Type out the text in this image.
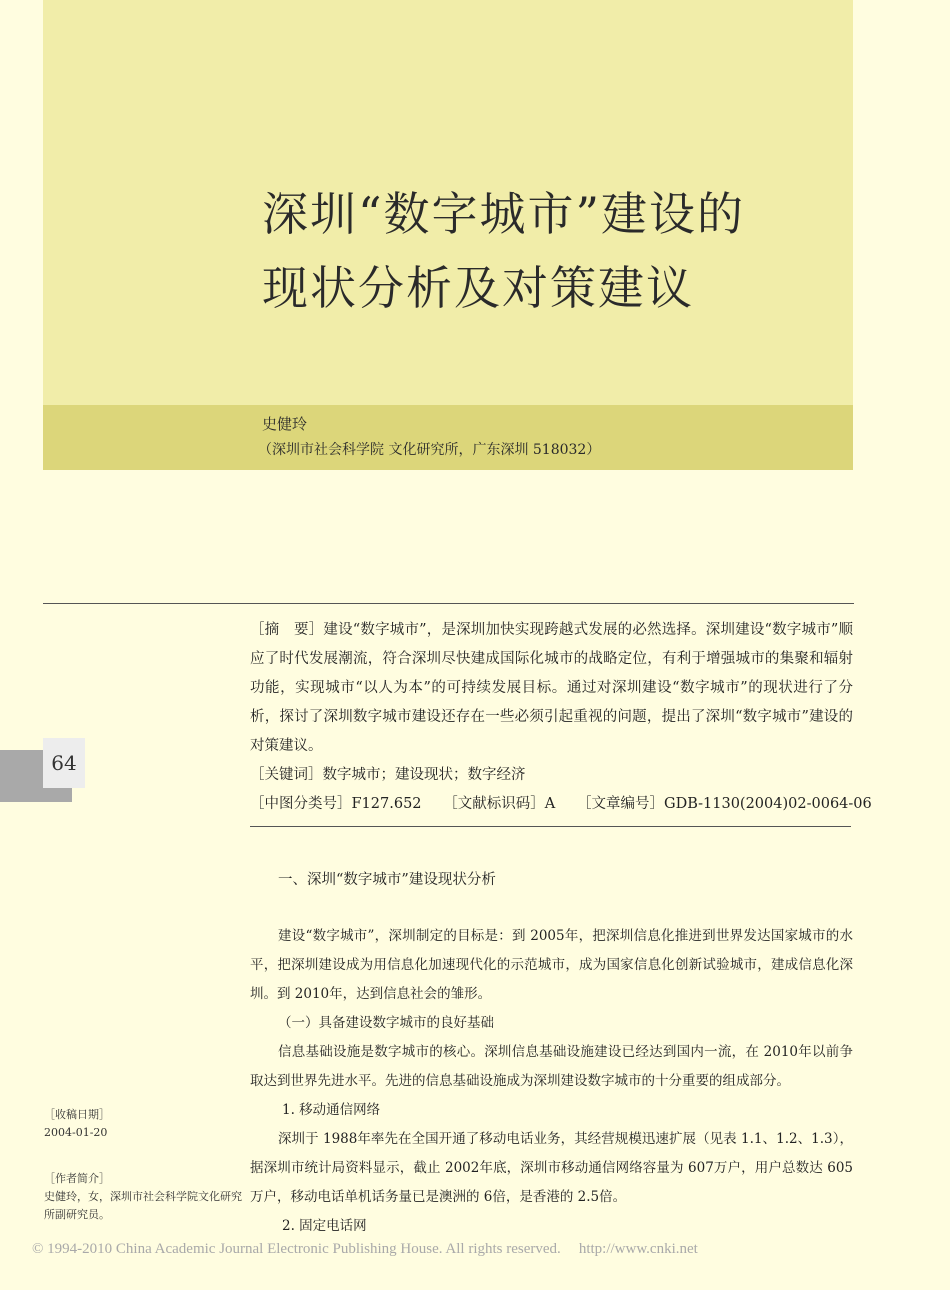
深圳“数字城市”建设的
现状分析及对策建议
史健玲
（深圳市社会科学院 文化研究所，广东深圳 518032）
64

［摘　要］建设“数字城市”，是深圳加快实现跨越式发展的必然选择。深圳建设“数字城市”顺应了时代发展潮流，符合深圳尽快建成国际化城市的战略定位，有利于增强城市的集聚和辐射功能，实现城市“以人为本”的可持续发展目标。通过对深圳建设“数字城市”的现状进行了分析，探讨了深圳数字城市建设还存在一些必须引起重视的问题，提出了深圳“数字城市”建设的对策建议。

［关键词］数字城市；建设现状；数字经济

［中图分类号］F127.652　　［文献标识码］A　　［文章编号］GDB-1130(2004)02-0064-06

一、深圳“数字城市”建设现状分析

建设“数字城市”，深圳制定的目标是：到 2005年，把深圳信息化推进到世界发达国家城市的水平，把深圳建设成为用信息化加速现代化的示范城市，成为国家信息化创新试验城市，建成信息化深圳。到 2010年，达到信息社会的雏形。

（一）具备建设数字城市的良好基础

信息基础设施是数字城市的核心。深圳信息基础设施建设已经达到国内一流，在 2010年以前争取达到世界先进水平。先进的信息基础设施成为深圳建设数字城市的十分重要的组成部分。

1. 移动通信网络

深圳于 1988年率先在全国开通了移动电话业务，其经营规模迅速扩展（见表 1.1、1.2、1.3），据深圳市统计局资料显示，截止 2002年底，深圳市移动通信网络容量为 607万户，用户总数达 605万户，移动电话单机话务量已是澳洲的 6倍，是香港的 2.5倍。

2. 固定电话网

［收稿日期］

2004-01-20

［作者简介］

史健玲，女，深圳市社会科学院文化研究所副研究员。

© 1994-2010 China Academic Journal Electronic Publishing House. All rights reserved. http://www.cnki.net
